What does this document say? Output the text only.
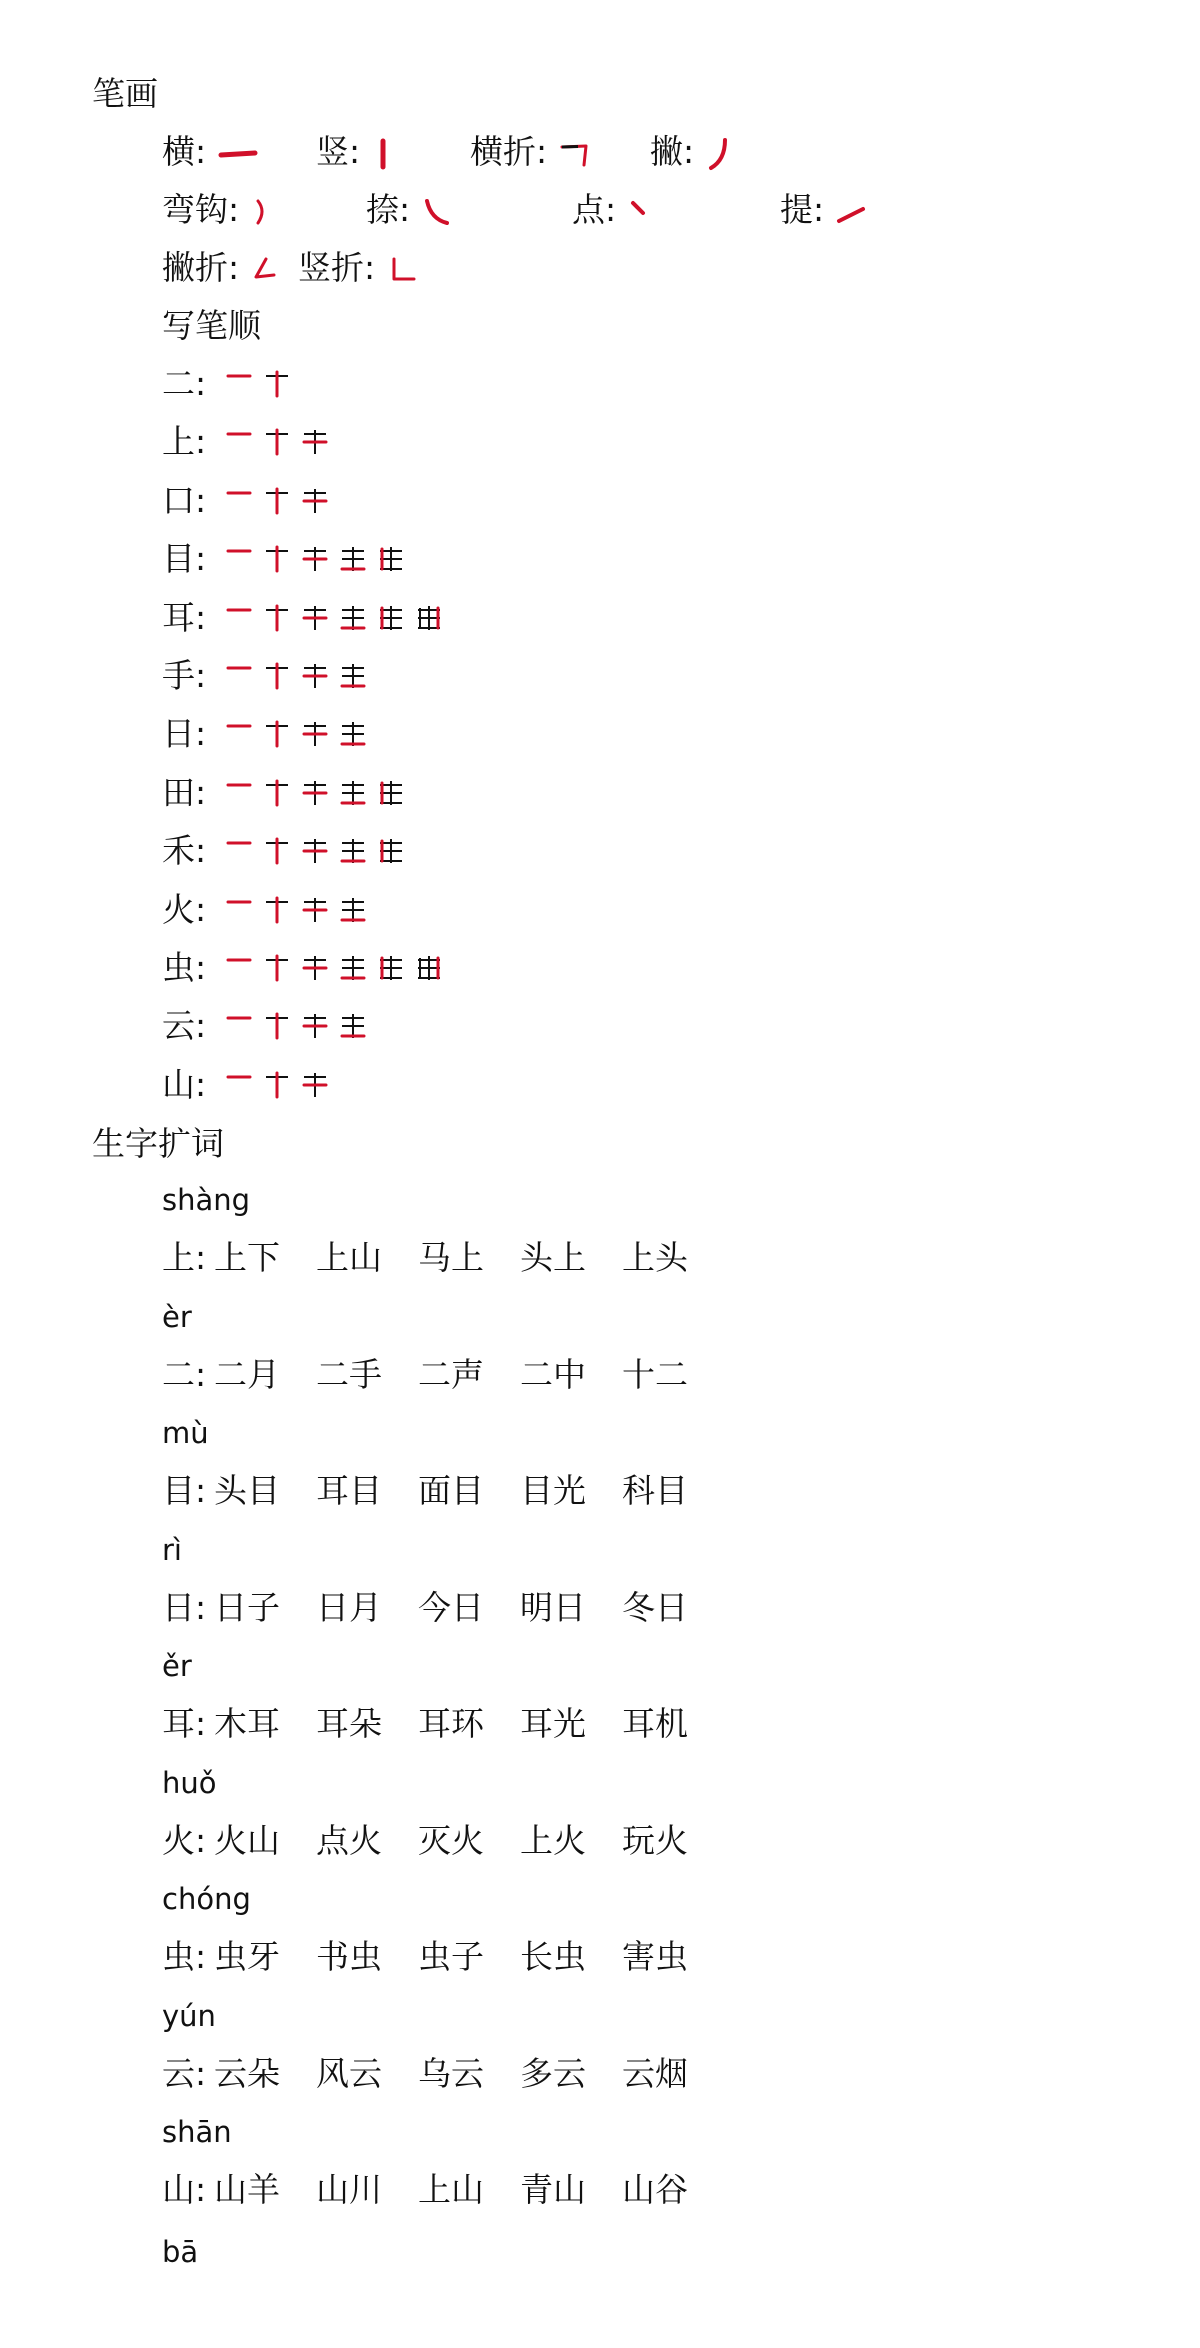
笔画
横:	竖:	横折:	撇:
弯钩:	捺:	点:	提:
撇折:	竖折:
写笔顺
二:
上:
口:
目:
耳:
手:
日:
田:
禾:
火:
虫:
云:
山:
生字扩词
shàng
上: 上下 上山 马上 头上 上头
èr
二: 二月 二手 二声 二中 十二
mù
目: 头目 耳目 面目 目光 科目
rì
日: 日子 日月 今日 明日 冬日
ěr
耳: 木耳 耳朵 耳环 耳光 耳机
huǒ
火: 火山 点火 灭火 上火 玩火
chóng
虫: 虫牙 书虫 虫子 长虫 害虫
yún
云: 云朵 风云 乌云 多云 云烟
shān
山: 山羊 山川 上山 青山 山谷
bā
